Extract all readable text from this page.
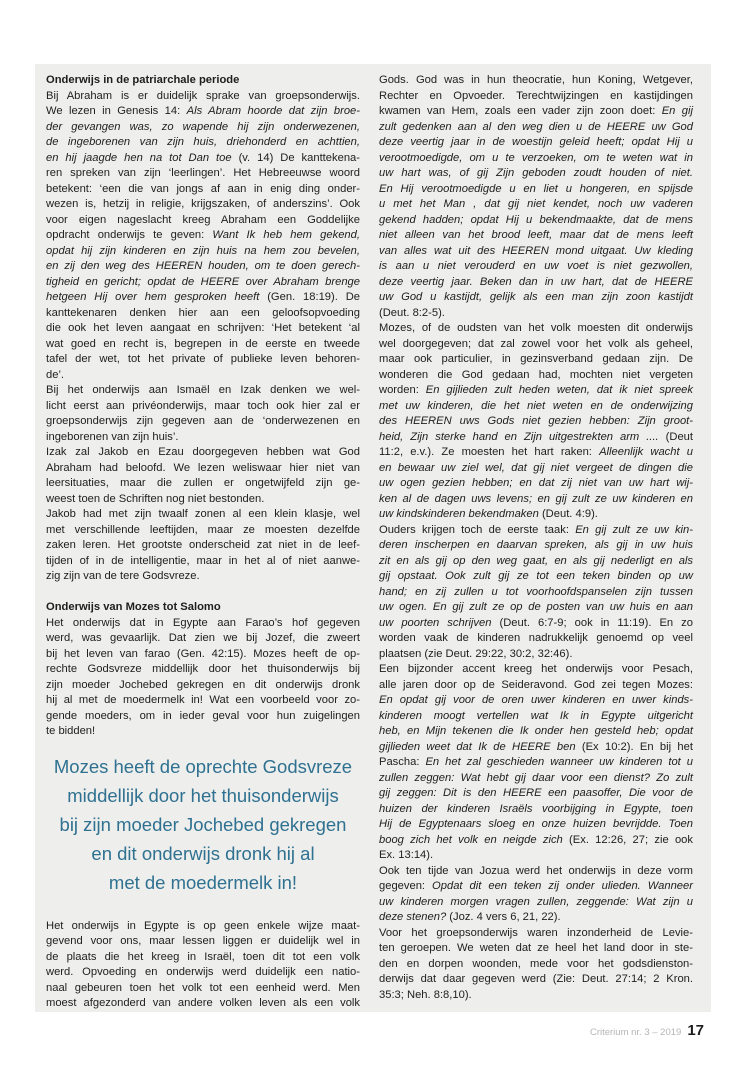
Onderwijs in de patriarchale periode
Bij Abraham is er duidelijk sprake van groepsonderwijs.
We lezen in Genesis 14: Als Abram hoorde dat zijn broe-
der gevangen was, zo wapende hij zijn onderwezenen,
de ingeborenen van zijn huis, driehonderd en achttien,
en hij jaagde hen na tot Dan toe (v. 14) De kanttekena-
ren spreken van zijn ‘leerlingen’. Het Hebreeuwse woord
betekent: ‘een die van jongs af aan in enig ding onder-
wezen is, hetzij in religie, krijgszaken, of anderszins’. Ook
voor eigen nageslacht kreeg Abraham een Goddelijke
opdracht onderwijs te geven: Want Ik heb hem gekend,
opdat hij zijn kinderen en zijn huis na hem zou bevelen,
en zij den weg des HEEREN houden, om te doen gerech-
tigheid en gericht; opdat de HEERE over Abraham brenge
hetgeen Hij over hem gesproken heeft (Gen. 18:19). De
kanttekenaren denken hier aan een geloofsopvoeding
die ook het leven aangaat en schrijven: ‘Het betekent ‘al
wat goed en recht is, begrepen in de eerste en tweede
tafel der wet, tot het private of publieke leven behoren-
de’.
Bij het onderwijs aan Ismaël en Izak denken we wel-
licht eerst aan privéonderwijs, maar toch ook hier zal er
groepsonderwijs zijn gegeven aan de ‘onderwezenen en
ingeborenen van zijn huis’.
Izak zal Jakob en Ezau doorgegeven hebben wat God
Abraham had beloofd. We lezen weliswaar hier niet van
leersituaties, maar die zullen er ongetwijfeld zijn ge-
weest toen de Schriften nog niet bestonden.
Jakob had met zijn twaalf zonen al een klein klasje, wel
met verschillende leeftijden, maar ze moesten dezelfde
zaken leren. Het grootste onderscheid zat niet in de leef-
tijden of in de intelligentie, maar in het al of niet aanwe-
zig zijn van de tere Godsvreze.
Onderwijs van Mozes tot Salomo
Het onderwijs dat in Egypte aan Farao’s hof gegeven
werd, was gevaarlijk. Dat zien we bij Jozef, die zweert
bij het leven van farao (Gen. 42:15). Mozes heeft de op-
rechte Godsvreze middellijk door het thuisonderwijs bij
zijn moeder Jochebed gekregen en dit onderwijs dronk
hij al met de moedermelk in! Wat een voorbeeld voor zo-
gende moeders, om in ieder geval voor hun zuigelingen
te bidden!
Mozes heeft de oprechte Godsvreze
middellijk door het thuisonderwijs
bij zijn moeder Jochebed gekregen
en dit onderwijs dronk hij al
met de moedermelk in!
Het onderwijs in Egypte is op geen enkele wijze maat-
gevend voor ons, maar lessen liggen er duidelijk wel in
de plaats die het kreeg in Israël, toen dit tot een volk
werd. Opvoeding en onderwijs werd duidelijk een natio-
naal gebeuren toen het volk tot een eenheid werd. Men
moest afgezonderd van andere volken leven als een volk
Gods. God was in hun theocratie, hun Koning, Wetgever,
Rechter en Opvoeder. Terechtwijzingen en kastijdingen
kwamen van Hem, zoals een vader zijn zoon doet: En gij
zult gedenken aan al den weg dien u de HEERE uw God
deze veertig jaar in de woestijn geleid heeft; opdat Hij u
verootmoedigde, om u te verzoeken, om te weten wat in
uw hart was, of gij Zijn geboden zoudt houden of niet.
En Hij verootmoedigde u en liet u hongeren, en spijsde
u met het Man , dat gij niet kendet, noch uw vaderen
gekend hadden; opdat Hij u bekendmaakte, dat de mens
niet alleen van het brood leeft, maar dat de mens leeft
van alles wat uit des HEEREN mond uitgaat. Uw kleding
is aan u niet verouderd en uw voet is niet gezwollen,
deze veertig jaar. Beken dan in uw hart, dat de HEERE
uw God u kastijdt, gelijk als een man zijn zoon kastijdt
(Deut. 8:2-5).
Mozes, of de oudsten van het volk moesten dit onderwijs
wel doorgegeven; dat zal zowel voor het volk als geheel,
maar ook particulier, in gezinsverband gedaan zijn. De
wonderen die God gedaan had, mochten niet vergeten
worden: En gijlieden zult heden weten, dat ik niet spreek
met uw kinderen, die het niet weten en de onderwijzing
des HEEREN uws Gods niet gezien hebben: Zijn groot-
heid, Zijn sterke hand en Zijn uitgestrekten arm .... (Deut
11:2, e.v.). Ze moesten het hart raken: Alleenlijk wacht u
en bewaar uw ziel wel, dat gij niet vergeet de dingen die
uw ogen gezien hebben; en dat zij niet van uw hart wij-
ken al de dagen uws levens; en gij zult ze uw kinderen en
uw kindskinderen bekendmaken (Deut. 4:9).
Ouders krijgen toch de eerste taak: En gij zult ze uw kin-
deren inscherpen en daarvan spreken, als gij in uw huis
zit en als gij op den weg gaat, en als gij nederligt en als
gij opstaat. Ook zult gij ze tot een teken binden op uw
hand; en zij zullen u tot voorhoofdspanselen zijn tussen
uw ogen. En gij zult ze op de posten van uw huis en aan
uw poorten schrijven (Deut. 6:7-9; ook in 11:19). En zo
worden vaak de kinderen nadrukkelijk genoemd op veel
plaatsen (zie Deut. 29:22, 30:2, 32:46).
Een bijzonder accent kreeg het onderwijs voor Pesach,
alle jaren door op de Seideravond. God zei tegen Mozes:
En opdat gij voor de oren uwer kinderen en uwer kinds-
kinderen moogt vertellen wat Ik in Egypte uitgericht
heb, en Mijn tekenen die Ik onder hen gesteld heb; opdat
gijlieden weet dat Ik de HEERE ben (Ex 10:2). En bij het
Pascha: En het zal geschieden wanneer uw kinderen tot u
zullen zeggen: Wat hebt gij daar voor een dienst? Zo zult
gij zeggen: Dit is den HEERE een paasoffer, Die voor de
huizen der kinderen Israëls voorbijging in Egypte, toen
Hij de Egyptenaars sloeg en onze huizen bevrijdde. Toen
boog zich het volk en neigde zich (Ex. 12:26, 27; zie ook
Ex. 13:14).
Ook ten tijde van Jozua werd het onderwijs in deze vorm
gegeven: Opdat dit een teken zij onder ulieden. Wanneer
uw kinderen morgen vragen zullen, zeggende: Wat zijn u
deze stenen? (Joz. 4 vers 6, 21, 22).
Voor het groepsonderwijs waren inzonderheid de Levie-
ten geroepen. We weten dat ze heel het land door in ste-
den en dorpen woonden, mede voor het godsdienston-
derwijs dat daar gegeven werd (Zie: Deut. 27:14; 2 Kron.
35:3; Neh. 8:8,10).
Criterium nr. 3 – 2019 17
